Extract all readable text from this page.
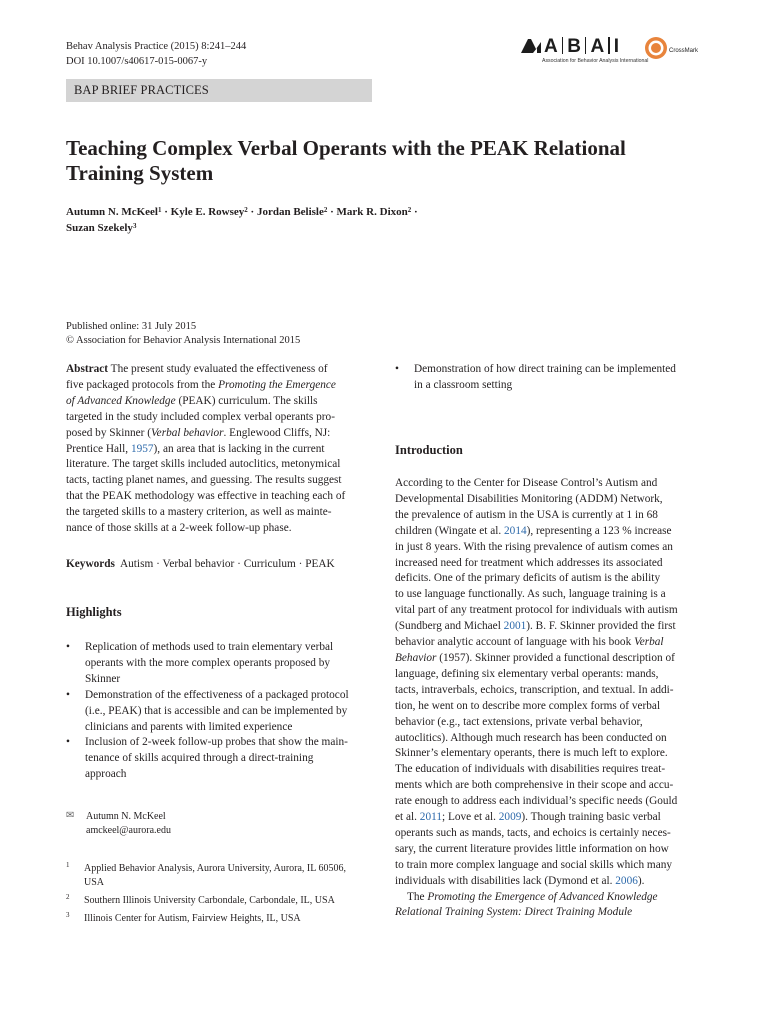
Behav Analysis Practice (2015) 8:241–244
DOI 10.1007/s40617-015-0067-y
A B A I
Association for Behavior Analysis International
CrossMark
BAP BRIEF PRACTICES
Teaching Complex Verbal Operants with the PEAK Relational
Training System
Autumn N. McKeel$^1$ · Kyle E. Rowsey$^2$ · Jordan Belisle$^2$ · Mark R. Dixon$^2$ ·
Suzan Szekely$^3$
Published online: 31 July 2015
© Association for Behavior Analysis International 2015
Abstract The present study evaluated the effectiveness of
five packaged protocols from the Promoting the Emergence
of Advanced Knowledge (PEAK) curriculum. The skills
targeted in the study included complex verbal operants pro-
posed by Skinner (Verbal behavior. Englewood Cliffs, NJ:
Prentice Hall, 1957), an area that is lacking in the current
literature. The target skills included autoclitics, metonymical
tacts, tacting planet names, and guessing. The results suggest
that the PEAK methodology was effective in teaching each of
the targeted skills to a mastery criterion, as well as mainte-
nance of those skills at a 2-week follow-up phase.
Keywords Autism · Verbal behavior · Curriculum · PEAK
Highlights
• Replication of methods used to train elementary verbal
operants with the more complex operants proposed by
Skinner
• Demonstration of the effectiveness of a packaged protocol
(i.e., PEAK) that is accessible and can be implemented by
clinicians and parents with limited experience
• Inclusion of 2-week follow-up probes that show the main-
tenance of skills acquired through a direct-training
approach
✉ Autumn N. McKeel
amckeel@aurora.edu
1 Applied Behavior Analysis, Aurora University, Aurora, IL 60506,
USA
2 Southern Illinois University Carbondale, Carbondale, IL, USA
3 Illinois Center for Autism, Fairview Heights, IL, USA
• Demonstration of how direct training can be implemented
in a classroom setting
Introduction
According to the Center for Disease Control’s Autism and
Developmental Disabilities Monitoring (ADDM) Network,
the prevalence of autism in the USA is currently at 1 in 68
children (Wingate et al. 2014), representing a 123 % increase
in just 8 years. With the rising prevalence of autism comes an
increased need for treatment which addresses its associated
deficits. One of the primary deficits of autism is the ability
to use language functionally. As such, language training is a
vital part of any treatment protocol for individuals with autism
(Sundberg and Michael 2001). B. F. Skinner provided the first
behavior analytic account of language with his book Verbal
Behavior (1957). Skinner provided a functional description of
language, defining six elementary verbal operants: mands,
tacts, intraverbals, echoics, transcription, and textual. In addi-
tion, he went on to describe more complex forms of verbal
behavior (e.g., tact extensions, private verbal behavior,
autoclitics). Although much research has been conducted on
Skinner’s elementary operants, there is much left to explore.
The education of individuals with disabilities requires treat-
ments which are both comprehensive in their scope and accu-
rate enough to address each individual’s specific needs (Gould
et al. 2011; Love et al. 2009). Though training basic verbal
operants such as mands, tacts, and echoics is certainly neces-
sary, the current literature provides little information on how
to train more complex language and social skills which many
individuals with disabilities lack (Dymond et al. 2006).
The Promoting the Emergence of Advanced Knowledge
Relational Training System: Direct Training Module
